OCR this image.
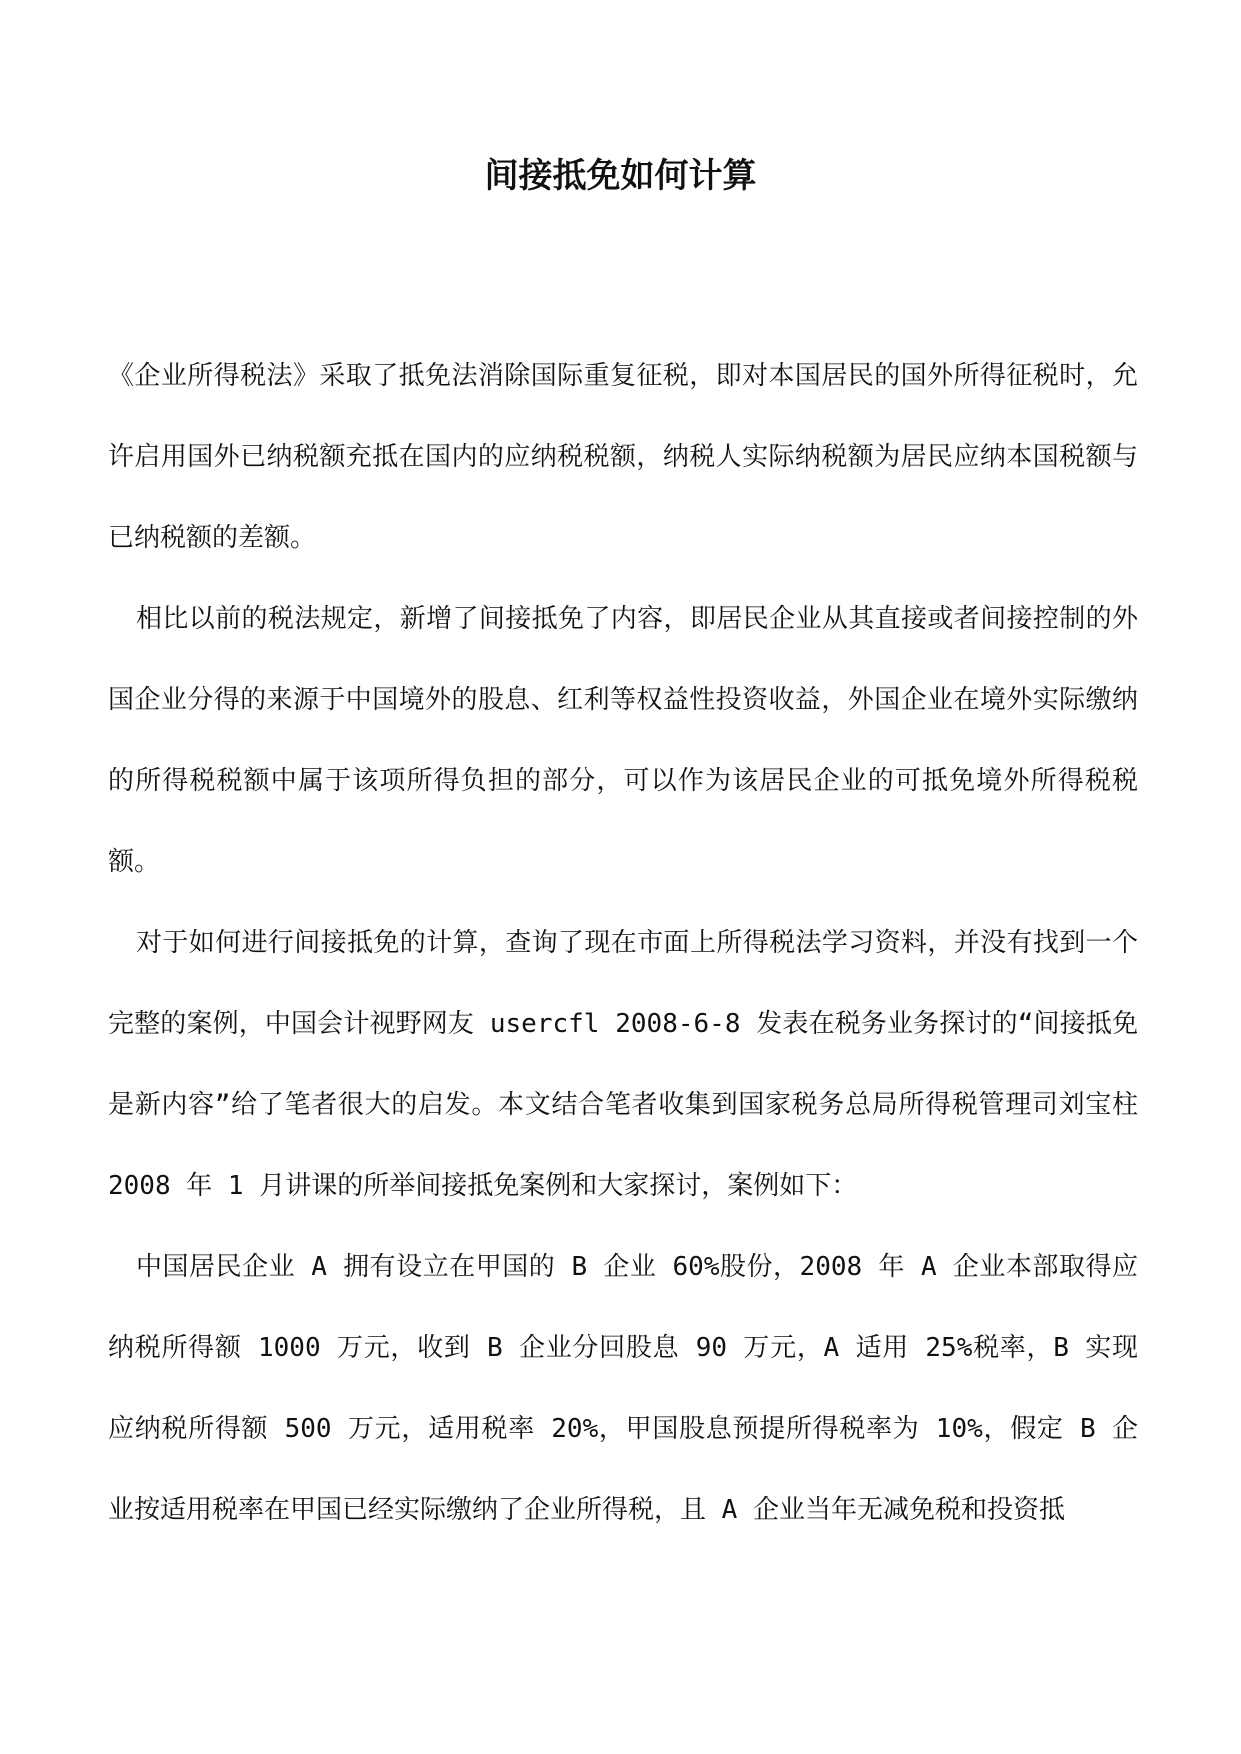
间接抵免如何计算

《企业所得税法》采取了抵免法消除国际重复征税，即对本国居民的国外所得征税时，允许启用国外已纳税额充抵在国内的应纳税税额，纳税人实际纳税额为居民应纳本国税额与已纳税额的差额。

相比以前的税法规定，新增了间接抵免了内容，即居民企业从其直接或者间接控制的外国企业分得的来源于中国境外的股息、红利等权益性投资收益，外国企业在境外实际缴纳的所得税税额中属于该项所得负担的部分，可以作为该居民企业的可抵免境外所得税税额。

对于如何进行间接抵免的计算，查询了现在市面上所得税法学习资料，并没有找到一个完整的案例，中国会计视野网友 usercfl 2008-6-8 发表在税务业务探讨的“间接抵免是新内容”给了笔者很大的启发。本文结合笔者收集到国家税务总局所得税管理司刘宝柱 2008 年 1 月讲课的所举间接抵免案例和大家探讨，案例如下：

中国居民企业 A 拥有设立在甲国的 B 企业 60%股份，2008 年 A 企业本部取得应纳税所得额 1000 万元，收到 B 企业分回股息 90 万元，A 适用 25%税率，B 实现应纳税所得额 500 万元，适用税率 20%，甲国股息预提所得税率为 10%，假定 B 企业按适用税率在甲国已经实际缴纳了企业所得税，且 A 企业当年无减免税和投资抵
